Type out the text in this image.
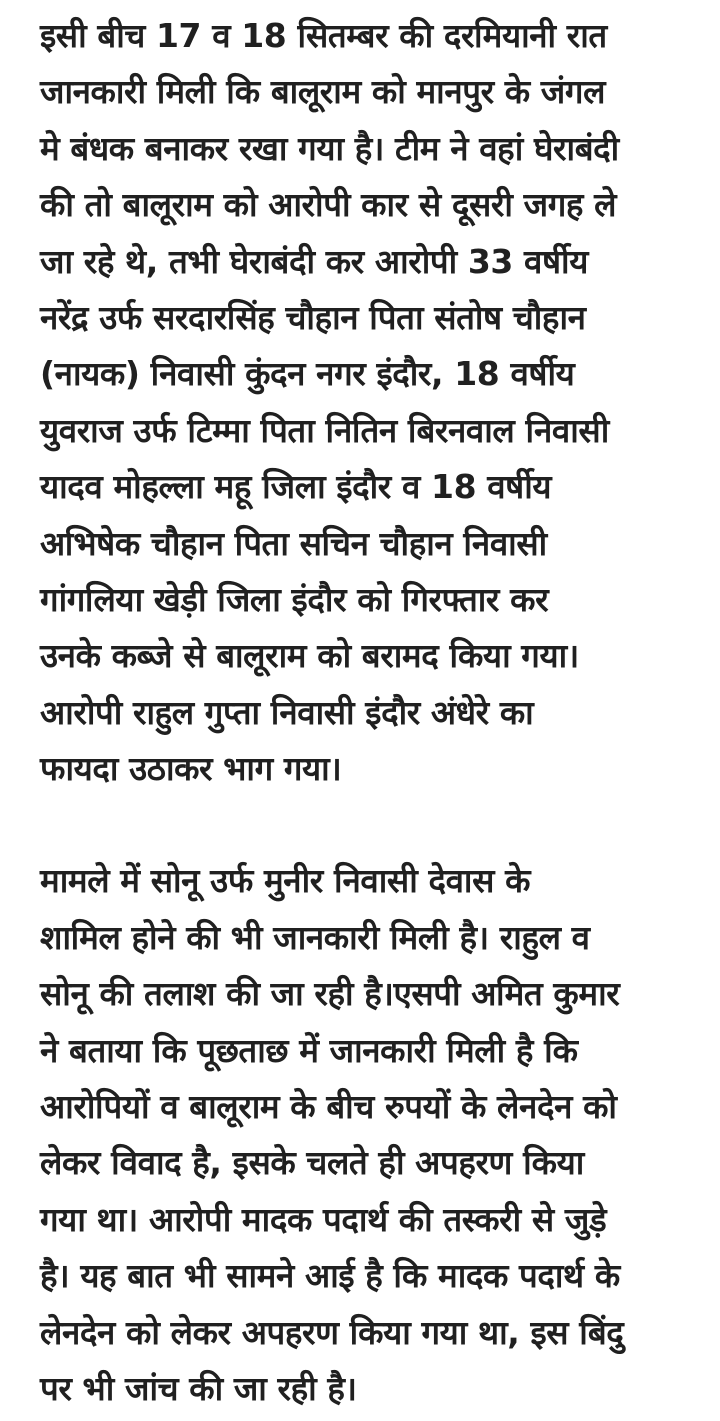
इसी बीच 17 व 18 सितम्बर की दरमियानी रात
जानकारी मिली कि बालूराम को मानपुर के जंगल
मे बंधक बनाकर रखा गया है। टीम ने वहां घेराबंदी
की तो बालूराम को आरोपी कार से दूसरी जगह ले
जा रहे थे, तभी घेराबंदी कर आरोपी 33 वर्षीय
नरेंद्र उर्फ सरदारसिंह चौहान पिता संतोष चौहान
(नायक) निवासी कुंदन नगर इंदौर, 18 वर्षीय
युवराज उर्फ टिम्मा पिता नितिन बिरनवाल निवासी
यादव मोहल्ला महू जिला इंदौर व 18 वर्षीय
अभिषेक चौहान पिता सचिन चौहान निवासी
गांगलिया खेड़ी जिला इंदौर को गिरफ्तार कर
उनके कब्जे से बालूराम को बरामद किया गया।
आरोपी राहुल गुप्ता निवासी इंदौर अंधेरे का
फायदा उठाकर भाग गया।
मामले में सोनू उर्फ मुनीर निवासी देवास के
शामिल होने की भी जानकारी मिली है। राहुल व
सोनू की तलाश की जा रही है।एसपी अमित कुमार
ने बताया कि पूछताछ में जानकारी मिली है कि
आरोपियों व बालूराम के बीच रुपयों के लेनदेन को
लेकर विवाद है, इसके चलते ही अपहरण किया
गया था। आरोपी मादक पदार्थ की तस्करी से जुड़े
है। यह बात भी सामने आई है कि मादक पदार्थ के
लेनदेन को लेकर अपहरण किया गया था, इस बिंदु
पर भी जांच की जा रही है।
